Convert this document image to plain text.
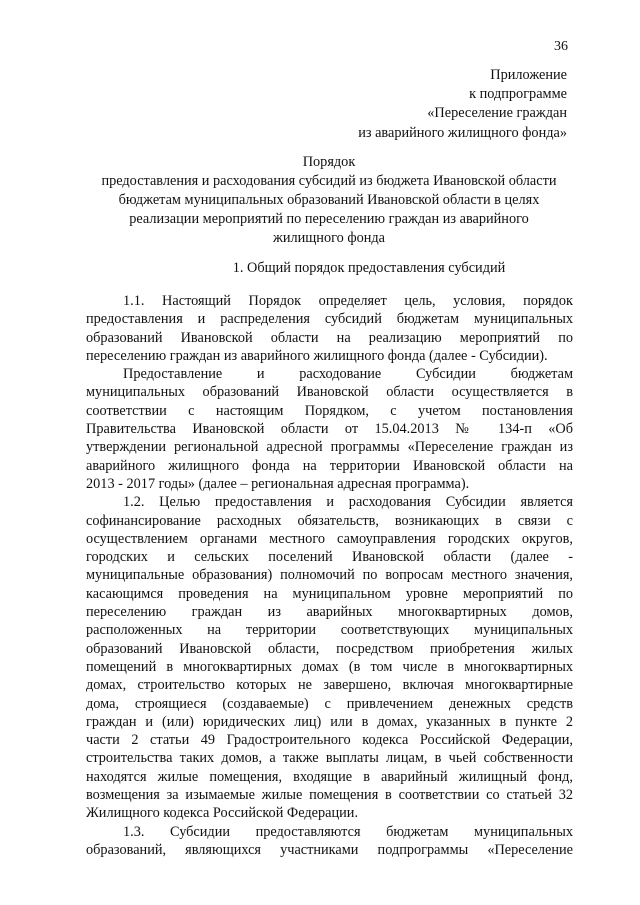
36
Приложение
к подпрограмме
«Переселение граждан
из аварийного жилищного фонда»
Порядок
предоставления и расходования субсидий из бюджета Ивановской области
бюджетам муниципальных образований Ивановской области в целях
реализации мероприятий по переселению граждан из аварийного
жилищного фонда
1. Общий порядок предоставления субсидий
1.1. Настоящий Порядок определяет цель, условия, порядок
предоставления и распределения субсидий бюджетам муниципальных
образований Ивановской области на реализацию мероприятий по
переселению граждан из аварийного жилищного фонда (далее - Субсидии).
Предоставление и расходование Субсидии бюджетам
муниципальных образований Ивановской области осуществляется в
соответствии с настоящим Порядком, с учетом постановления
Правительства Ивановской области от 15.04.2013 № 134-п «Об
утверждении региональной адресной программы «Переселение граждан из
аварийного жилищного фонда на территории Ивановской области на
2013 - 2017 годы» (далее – региональная адресная программа).
1.2. Целью предоставления и расходования Субсидии является
софинансирование расходных обязательств, возникающих в связи с
осуществлением органами местного самоуправления городских округов,
городских и сельских поселений Ивановской области (далее -
муниципальные образования) полномочий по вопросам местного значения,
касающимся проведения на муниципальном уровне мероприятий по
переселению граждан из аварийных многоквартирных домов,
расположенных на территории соответствующих муниципальных
образований Ивановской области, посредством приобретения жилых
помещений в многоквартирных домах (в том числе в многоквартирных
домах, строительство которых не завершено, включая многоквартирные
дома, строящиеся (создаваемые) с привлечением денежных средств
граждан и (или) юридических лиц) или в домах, указанных в пункте 2
части 2 статьи 49 Градостроительного кодекса Российской Федерации,
строительства таких домов, а также выплаты лицам, в чьей собственности
находятся жилые помещения, входящие в аварийный жилищный фонд,
возмещения за изымаемые жилые помещения в соответствии со статьей 32
Жилищного кодекса Российской Федерации.
1.3. Субсидии предоставляются бюджетам муниципальных
образований, являющихся участниками подпрограммы «Переселение
